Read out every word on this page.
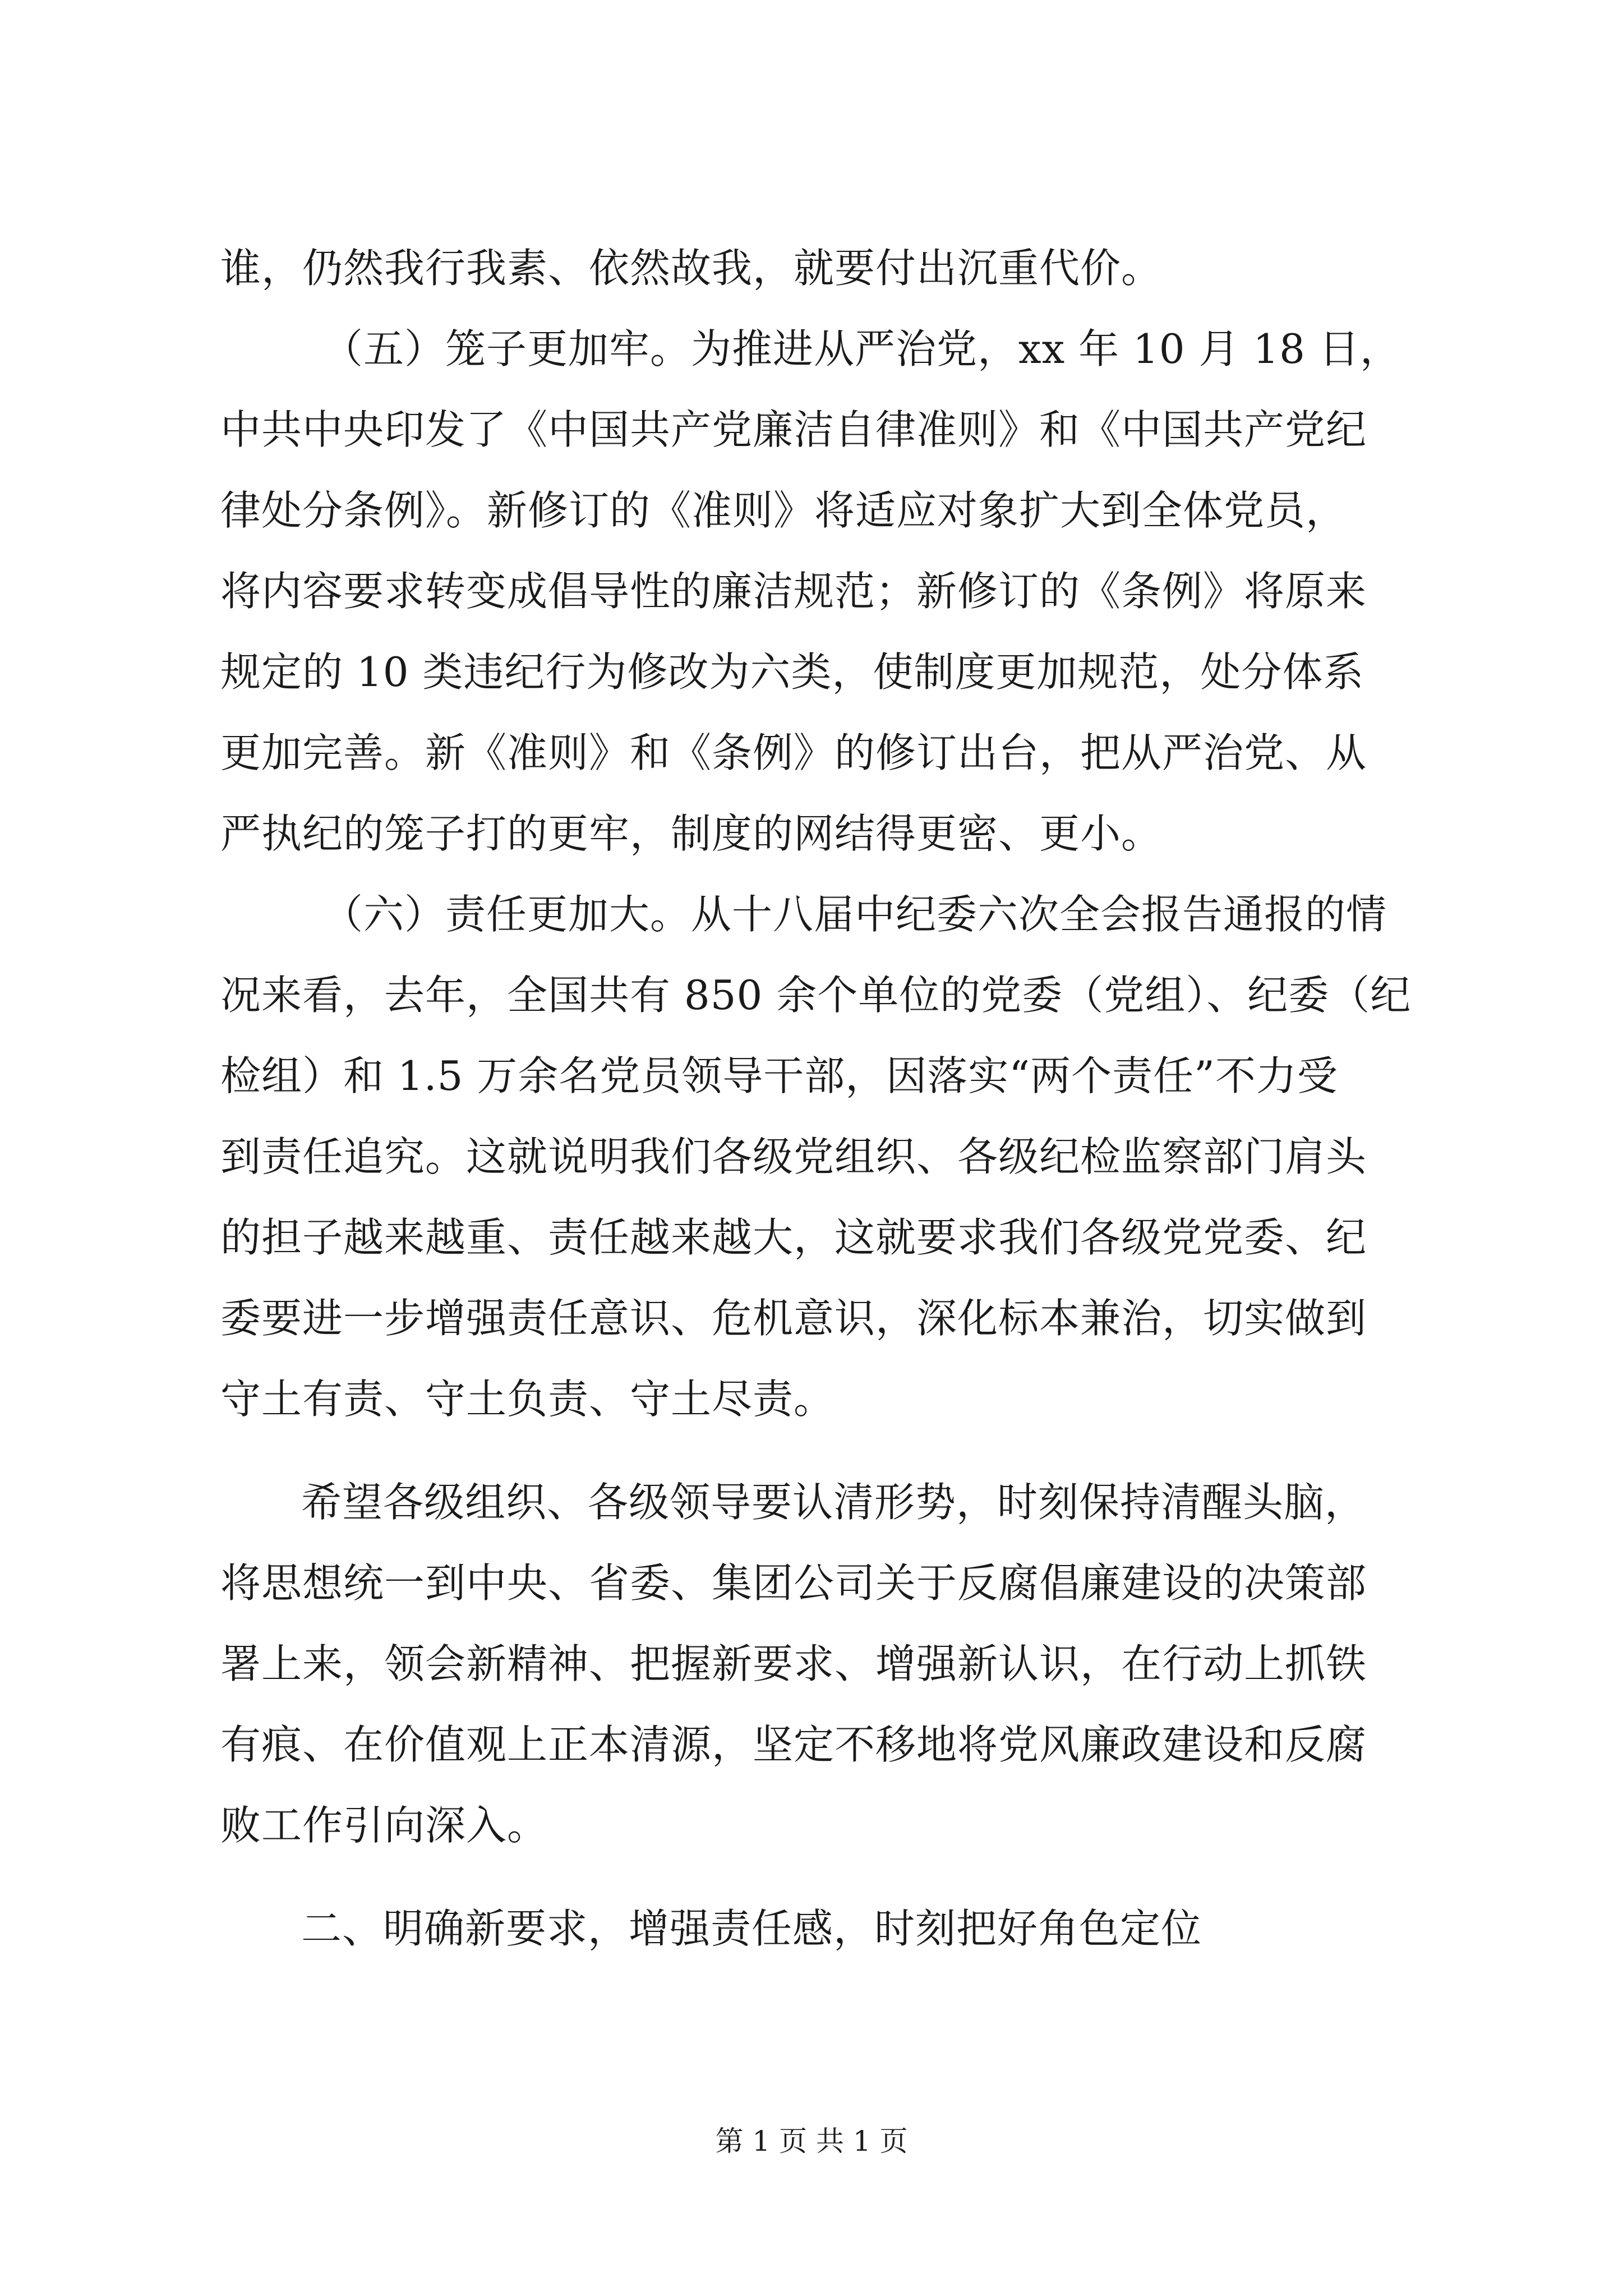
谁，仍然我行我素、依然故我，就要付出沉重代价。
（五）笼子更加牢。为推进从严治党，xx 年 10 月 18 日，
中共中央印发了《中国共产党廉洁自律准则》和《中国共产党纪
律处分条例》。新修订的《准则》将适应对象扩大到全体党员，
将内容要求转变成倡导性的廉洁规范；新修订的《条例》将原来
规定的 10 类违纪行为修改为六类，使制度更加规范，处分体系
更加完善。新《准则》和《条例》的修订出台，把从严治党、从
严执纪的笼子打的更牢，制度的网结得更密、更小。
（六）责任更加大。从十八届中纪委六次全会报告通报的情
况来看，去年，全国共有 850 余个单位的党委（党组）、纪委（纪
检组）和 1.5 万余名党员领导干部，因落实“两个责任”不力受
到责任追究。这就说明我们各级党组织、各级纪检监察部门肩头
的担子越来越重、责任越来越大，这就要求我们各级党党委、纪
委要进一步增强责任意识、危机意识，深化标本兼治，切实做到
守土有责、守土负责、守土尽责。
希望各级组织、各级领导要认清形势，时刻保持清醒头脑，
将思想统一到中央、省委、集团公司关于反腐倡廉建设的决策部
署上来，领会新精神、把握新要求、增强新认识，在行动上抓铁
有痕、在价值观上正本清源，坚定不移地将党风廉政建设和反腐
败工作引向深入。
二、明确新要求，增强责任感，时刻把好角色定位
第 1 页 共 1 页
